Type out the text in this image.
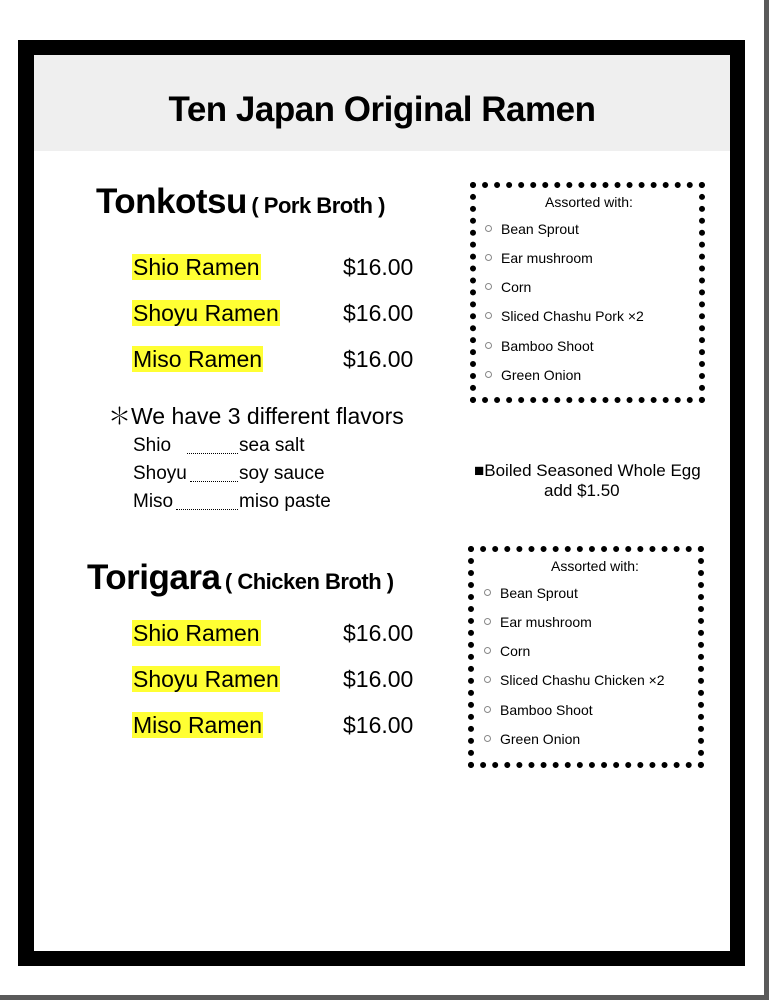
Ten Japan Original Ramen
Tonkotsu ( Pork Broth )
Shio Ramen	$16.00
Shoyu Ramen	$16.00
Miso Ramen	$16.00
Assorted with:
Bean Sprout
Ear mushroom
Corn
Sliced Chashu Pork ×2
Bamboo Shoot
Green Onion
＊We have 3 different flavors
Shio	sea salt
Shoyu	soy sauce
Miso	miso paste
■Boiled Seasoned Whole Egg
add $1.50
Torigara ( Chicken Broth )
Shio Ramen	$16.00
Shoyu Ramen	$16.00
Miso Ramen	$16.00
Assorted with:
Bean Sprout
Ear mushroom
Corn
Sliced Chashu Chicken ×2
Bamboo Shoot
Green Onion
